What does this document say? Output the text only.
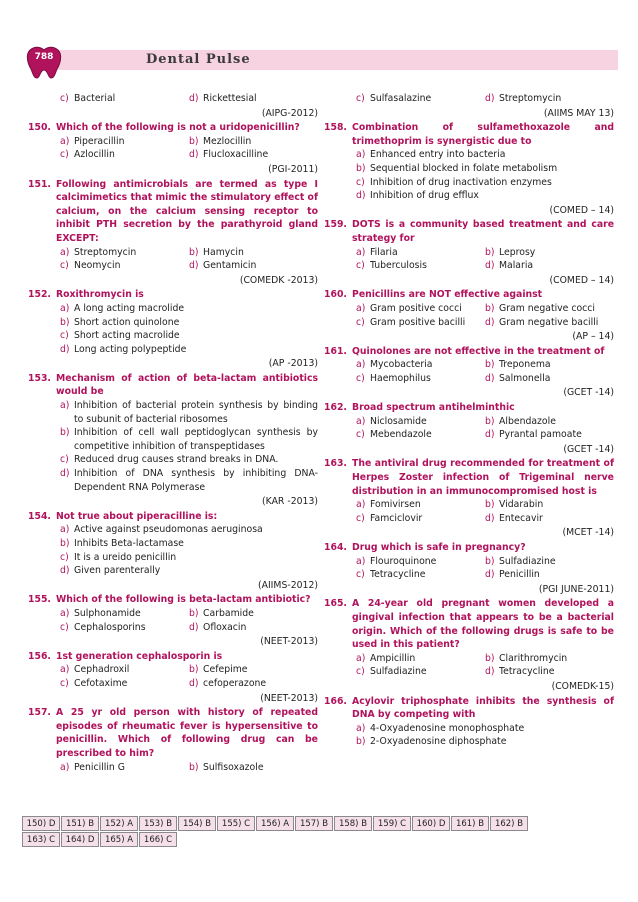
788	Dental Pulse
c) Bacterial	d) Rickettesial
(AIPG-2012)
150. Which of the following is not a uridopenicillin?
a) Piperacillin	b) Mezlocillin
c) Azlocillin	d) Flucloxacilline
(PGI-2011)
151. Following antimicrobials are termed as type I calcimimetics that mimic the stimulatory effect of calcium, on the calcium sensing receptor to inhibit PTH secretion by the parathyroid gland EXCEPT:
a) Streptomycin	b) Hamycin
c) Neomycin	d) Gentamicin
(COMEDK -2013)
152. Roxithromycin is
a) A long acting macrolide
b) Short action quinolone
c) Short acting macrolide
d) Long acting polypeptide
(AP -2013)
153. Mechanism of action of beta-lactam antibiotics would be
a) Inhibition of bacterial protein synthesis by binding to subunit of bacterial ribosomes
b) Inhibition of cell wall peptidoglycan synthesis by competitive inhibition of transpeptidases
c) Reduced drug causes strand breaks in DNA.
d) Inhibition of DNA synthesis by inhibiting DNA-Dependent RNA Polymerase
(KAR -2013)
154. Not true about piperacilline is:
a) Active against pseudomonas aeruginosa
b) Inhibits Beta-lactamase
c) It is a ureido penicillin
d) Given parenterally
(AIIMS-2012)
155. Which of the following is beta-lactam antibiotic?
a) Sulphonamide	b) Carbamide
c) Cephalosporins	d) Ofloxacin
(NEET-2013)
156. 1st generation cephalosporin is
a) Cephadroxil	b) Cefepime
c) Cefotaxime	d) cefoperazone
(NEET-2013)
157. A 25 yr old person with history of repeated episodes of rheumatic fever is hypersensitive to penicillin. Which of following drug can be prescribed to him?
a) Penicillin G	b) Sulfisoxazole
c) Sulfasalazine	d) Streptomycin
(AIIMS MAY 13)
158. Combination of sulfamethoxazole and trimethoprim is synergistic due to
a) Enhanced entry into bacteria
b) Sequential blocked in folate metabolism
c) Inhibition of drug inactivation enzymes
d) Inhibition of drug efflux
(COMED – 14)
159. DOTS is a community based treatment and care strategy for
a) Filaria	b) Leprosy
c) Tuberculosis	d) Malaria
(COMED – 14)
160. Penicillins are NOT effective against
a) Gram positive cocci b) Gram negative cocci
c) Gram positive bacilli d) Gram negative bacilli
(AP – 14)
161. Quinolones are not effective in the treatment of
a) Mycobacteria	b) Treponema
c) Haemophilus	d) Salmonella
(GCET -14)
162. Broad spectrum antihelminthic
a) Niclosamide	b) Albendazole
c) Mebendazole	d) Pyrantal pamoate
(GCET -14)
163. The antiviral drug recommended for treatment of Herpes Zoster infection of Trigeminal nerve distribution in an immunocompromised host is
a) Fomivirsen	b) Vidarabin
c) Famciclovir	d) Entecavir
(MCET -14)
164. Drug which is safe in pregnancy?
a) Flouroquinone	b) Sulfadiazine
c) Tetracycline	d) Penicillin
(PGI JUNE-2011)
165. A 24-year old pregnant women developed a gingival infection that appears to be a bacterial origin. Which of the following drugs is safe to be used in this patient?
a) Ampicillin	b) Clarithromycin
c) Sulfadiazine	d) Tetracycline
(COMEDK-15)
166. Acylovir triphosphate inhibits the synthesis of DNA by competing with
a) 4-Oxyadenosine monophosphate
b) 2-Oxyadenosine diphosphate
150) D	151) B	152) A	153) B	154) B	155) C	156) A	157) B	158) B	159) C	160) D	161) B	162) B
163) C	164) D	165) A	166) C
